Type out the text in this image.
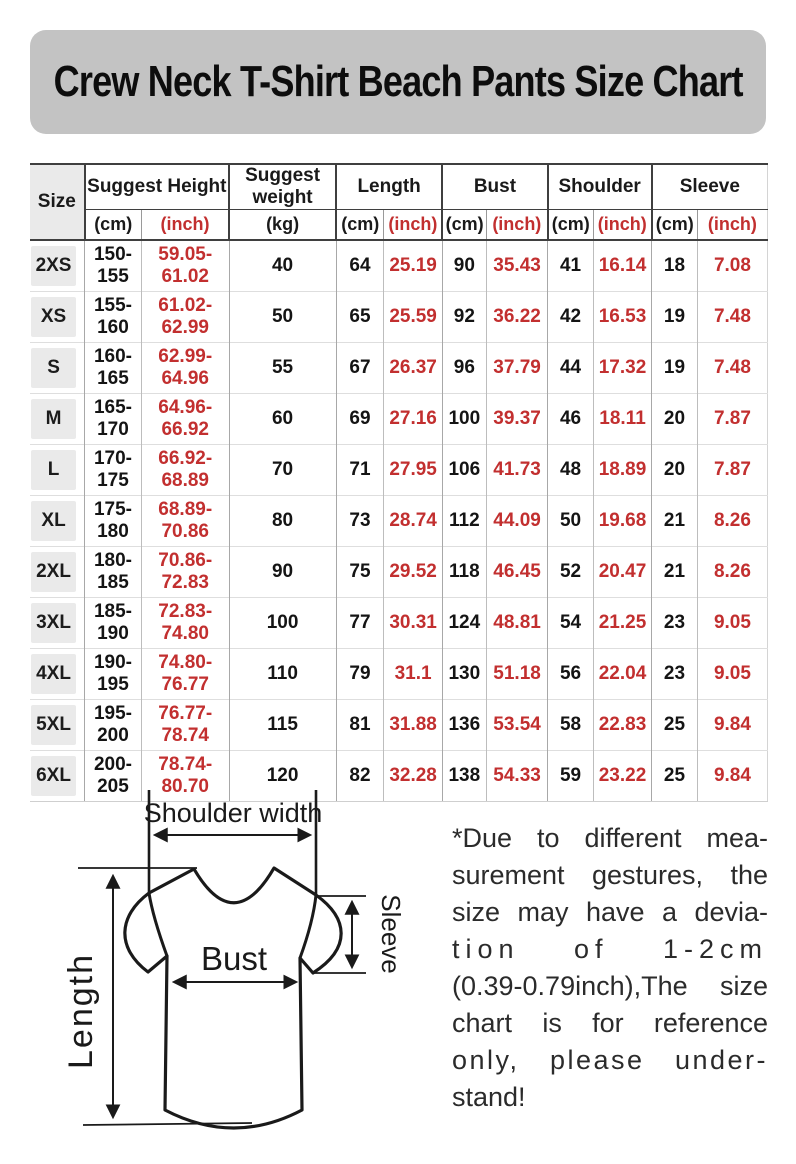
Crew Neck T-Shirt Beach Pants Size Chart
Size	Suggest Height		Suggest weight	Length		Bust		Shoulder		Sleeve	
	(cm)	(inch)	(kg)	(cm)	(inch)	(cm)	(inch)	(cm)	(inch)	(cm)	(inch)

2XS	150-155	59.05-61.02	40	64	25.19	90	35.43	41	16.14	18	7.08

XS	155-160	61.02-62.99	50	65	25.59	92	36.22	42	16.53	19	7.48

S	160-165	62.99-64.96	55	67	26.37	96	37.79	44	17.32	19	7.48

M	165-170	64.96-66.92	60	69	27.16	100	39.37	46	18.11	20	7.87

L	170-175	66.92-68.89	70	71	27.95	106	41.73	48	18.89	20	7.87

XL	175-180	68.89-70.86	80	73	28.74	112	44.09	50	19.68	21	8.26

2XL	180-185	70.86-72.83	90	75	29.52	118	46.45	52	20.47	21	8.26

3XL	185-190	72.83-74.80	100	77	30.31	124	48.81	54	21.25	23	9.05

4XL	190-195	74.80-76.77	110	79	31.1	130	51.18	56	22.04	23	9.05

5XL	195-200	76.77-78.74	115	81	31.88	136	53.54	58	22.83	25	9.84

6XL	200-205	78.74-80.70	120	82	32.28	138	54.33	59	23.22	25	9.84
Shoulder width
Length	Bust	Sleeve
*Due to different mea-
surement gestures, the
size may have a devia-
tion of 1-2cm
(0.39-0.79inch),The size
chart is for reference
only, please under-
stand!
